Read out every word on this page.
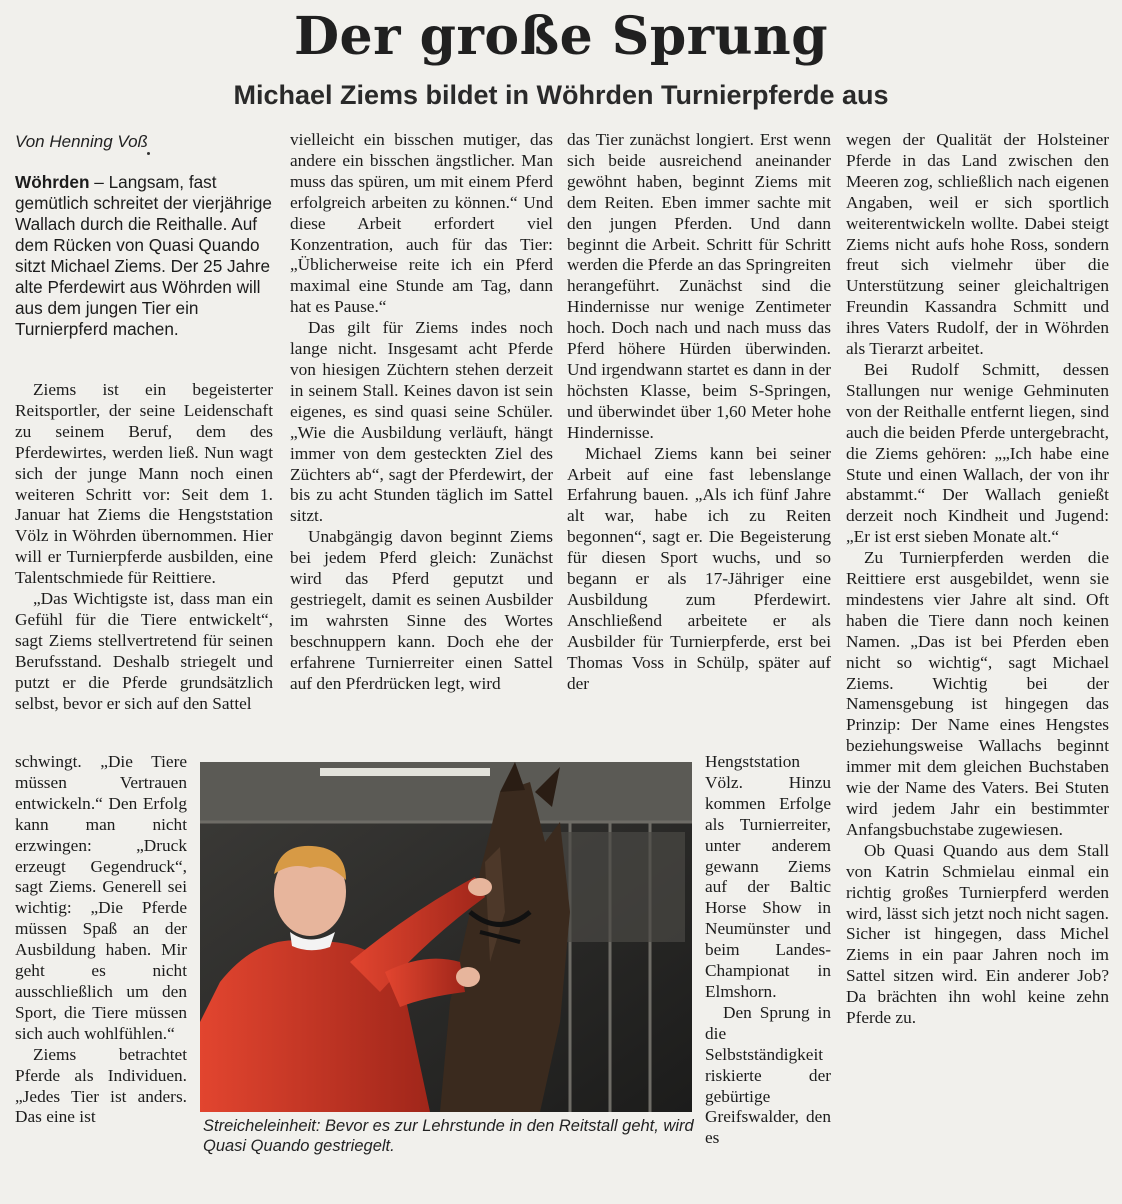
Der große Sprung
Michael Ziems bildet in Wöhrden Turnierpferde aus
Von Henning Voß
Wöhrden – Langsam, fast gemütlich schreitet der vierjährige Wallach durch die Reithalle. Auf dem Rücken von Quasi Quando sitzt Michael Ziems. Der 25 Jahre alte Pferdewirt aus Wöhrden will aus dem jungen Tier ein Turnierpferd machen.

Ziems ist ein begeisterter Reitsportler, der seine Leidenschaft zu seinem Beruf, dem des Pferdewirtes, werden ließ. Nun wagt sich der junge Mann noch einen weiteren Schritt vor: Seit dem 1. Januar hat Ziems die Hengststation Völz in Wöhrden übernommen. Hier will er Turnierpferde ausbilden, eine Talentschmiede für Reittiere.

„Das Wichtigste ist, dass man ein Gefühl für die Tiere entwickelt“, sagt Ziems stellvertretend für seinen Berufsstand. Deshalb striegelt und putzt er die Pferde grundsätzlich selbst, bevor er sich auf den Sattel

schwingt. „Die Tiere müssen Vertrauen entwickeln.“ Den Erfolg kann man nicht erzwingen: „Druck erzeugt Gegendruck“, sagt Ziems. Generell sei wichtig: „Die Pferde müssen Spaß an der Ausbildung haben. Mir geht es nicht ausschließlich um den Sport, die Tiere müssen sich auch wohlfühlen.“

Ziems betrachtet Pferde als Individuen. „Jedes Tier ist anders. Das eine ist

vielleicht ein bisschen mutiger, das andere ein bisschen ängstlicher. Man muss das spüren, um mit einem Pferd erfolgreich arbeiten zu können.“ Und diese Arbeit erfordert viel Konzentration, auch für das Tier: „Üblicherweise reite ich ein Pferd maximal eine Stunde am Tag, dann hat es Pause.“

Das gilt für Ziems indes noch lange nicht. Insgesamt acht Pferde von hiesigen Züchtern stehen derzeit in seinem Stall. Keines davon ist sein eigenes, es sind quasi seine Schüler. „Wie die Ausbildung verläuft, hängt immer von dem gesteckten Ziel des Züchters ab“, sagt der Pferdewirt, der bis zu acht Stunden täglich im Sattel sitzt.

Unabgängig davon beginnt Ziems bei jedem Pferd gleich: Zunächst wird das Pferd geputzt und gestriegelt, damit es seinen Ausbilder im wahrsten Sinne des Wortes beschnuppern kann. Doch ehe der erfahrene Turnierreiter einen Sattel auf den Pferdrücken legt, wird

das Tier zunächst longiert. Erst wenn sich beide ausreichend aneinander gewöhnt haben, beginnt Ziems mit dem Reiten. Eben immer sachte mit den jungen Pferden. Und dann beginnt die Arbeit. Schritt für Schritt werden die Pferde an das Springreiten herangeführt. Zunächst sind die Hindernisse nur wenige Zentimeter hoch. Doch nach und nach muss das Pferd höhere Hürden überwinden. Und irgendwann startet es dann in der höchsten Klasse, beim S-Springen, und überwindet über 1,60 Meter hohe Hindernisse.

Michael Ziems kann bei seiner Arbeit auf eine fast lebenslange Erfahrung bauen. „Als ich fünf Jahre alt war, habe ich zu Reiten begonnen“, sagt er. Die Begeisterung für diesen Sport wuchs, und so begann er als 17-Jähriger eine Ausbildung zum Pferdewirt. Anschließend arbeitete er als Ausbilder für Turnierpferde, erst bei Thomas Voss in Schülp, später auf der

Hengststation Völz. Hinzu kommen Erfolge als Turnierreiter, unter anderem gewann Ziems auf der Baltic Horse Show in Neumünster und beim Landes-Championat in Elmshorn.

Den Sprung in die Selbstständigkeit riskierte der gebürtige Greifswalder, den es

wegen der Qualität der Holsteiner Pferde in das Land zwischen den Meeren zog, schließlich nach eigenen Angaben, weil er sich sportlich weiterentwickeln wollte. Dabei steigt Ziems nicht aufs hohe Ross, sondern freut sich vielmehr über die Unterstützung seiner gleichaltrigen Freundin Kassandra Schmitt und ihres Vaters Rudolf, der in Wöhrden als Tierarzt arbeitet.

Bei Rudolf Schmitt, dessen Stallungen nur wenige Gehminuten von der Reithalle entfernt liegen, sind auch die beiden Pferde untergebracht, die Ziems gehören: „„Ich habe eine Stute und einen Wallach, der von ihr abstammt.“ Der Wallach genießt derzeit noch Kindheit und Jugend: „Er ist erst sieben Monate alt.“

Zu Turnierpferden werden die Reittiere erst ausgebildet, wenn sie mindestens vier Jahre alt sind. Oft haben die Tiere dann noch keinen Namen. „Das ist bei Pferden eben nicht so wichtig“, sagt Michael Ziems. Wichtig bei der Namensgebung ist hingegen das Prinzip: Der Name eines Hengstes beziehungsweise Wallachs beginnt immer mit dem gleichen Buchstaben wie der Name des Vaters. Bei Stuten wird jedem Jahr ein bestimmter Anfangsbuchstabe zugewiesen.

Ob Quasi Quando aus dem Stall von Katrin Schmielau einmal ein richtig großes Turnierpferd werden wird, lässt sich jetzt noch nicht sagen. Sicher ist hingegen, dass Michel Ziems in ein paar Jahren noch im Sattel sitzen wird. Ein anderer Job? Da brächten ihn wohl keine zehn Pferde zu.

Streicheleinheit: Bevor es zur Lehrstunde in den Reitstall geht, wird Quasi Quando gestriegelt.
